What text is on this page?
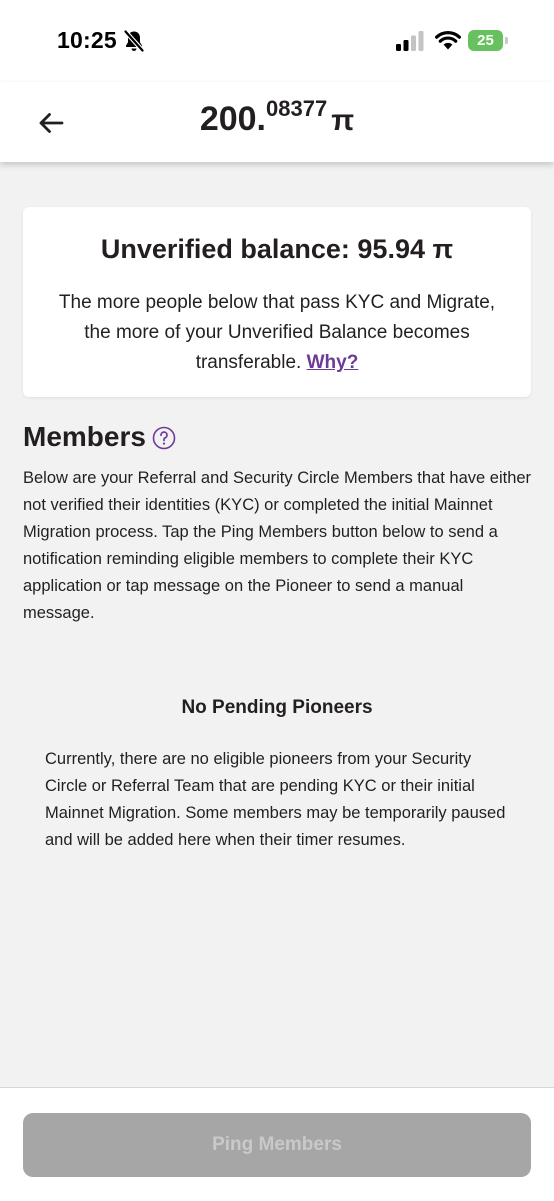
10:25	25
200.$^{08377}$ π
Unverified balance: 95.94 π
The more people below that pass KYC and Migrate, the more of your Unverified Balance becomes transferable. Why?
Members
Below are your Referral and Security Circle Members that have either not verified their identities (KYC) or completed the initial Mainnet Migration process. Tap the Ping Members button below to send a notification reminding eligible members to complete their KYC application or tap message on the Pioneer to send a manual message.
No Pending Pioneers
Currently, there are no eligible pioneers from your Security Circle or Referral Team that are pending KYC or their initial Mainnet Migration. Some members may be temporarily paused and will be added here when their timer resumes.
Ping Members
